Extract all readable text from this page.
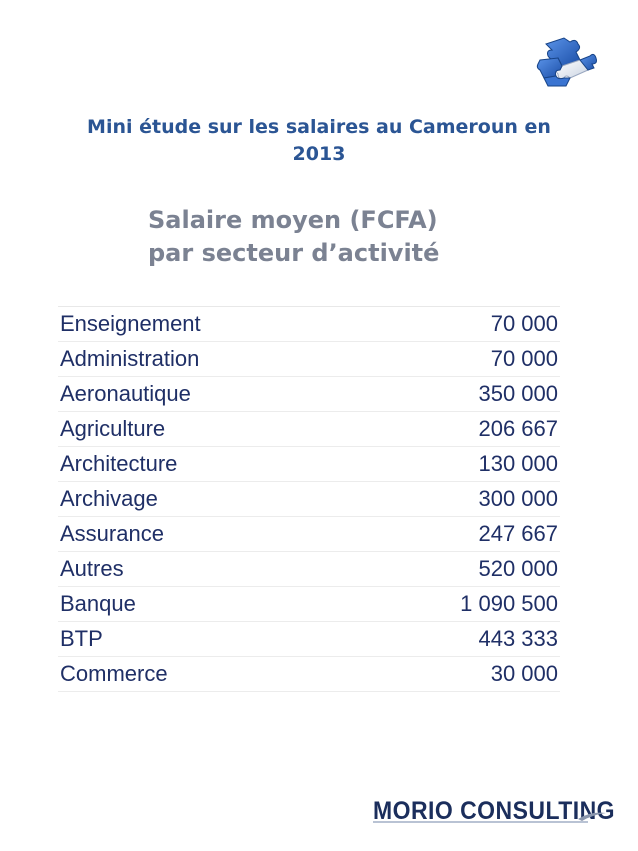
Mini étude sur les salaires au Cameroun en
2013
Salaire moyen (FCFA)
par secteur d’activité
Enseignement	70 000
Administration	70 000
Aeronautique	350 000
Agriculture	206 667
Architecture	130 000
Archivage	300 000
Assurance	247 667
Autres	520 000
Banque	1 090 500
BTP	443 333
Commerce	30 000
MORIO CONSULTING
